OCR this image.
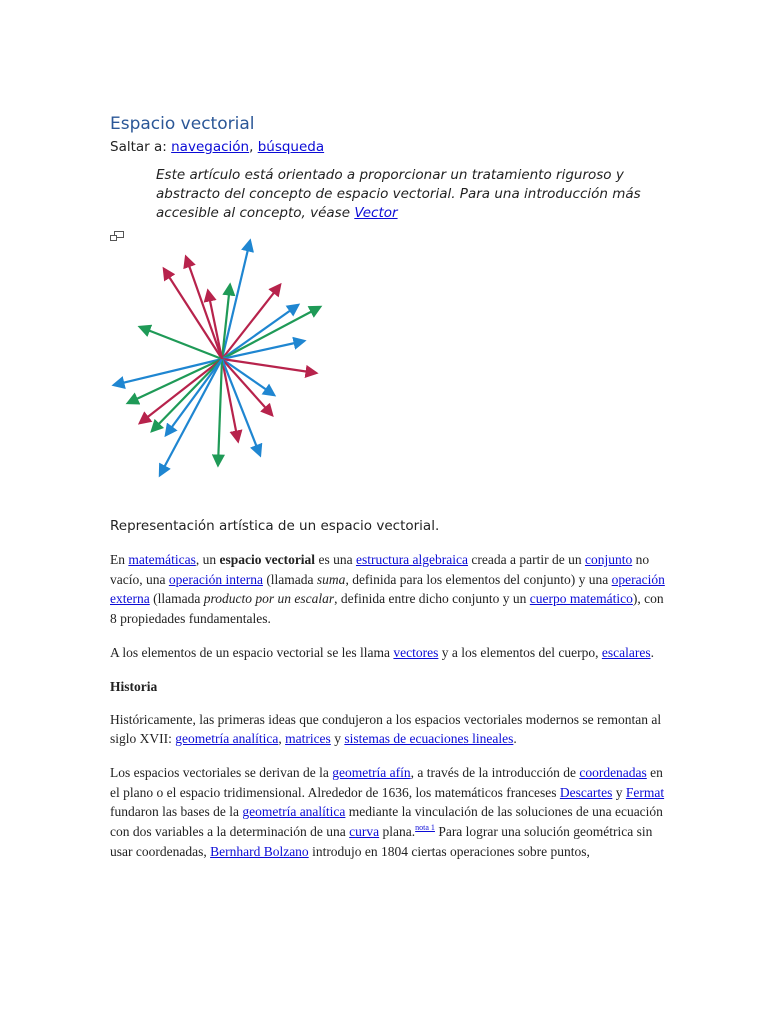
Espacio vectorial
Saltar a: navegación, búsqueda
Este artículo está orientado a proporcionar un tratamiento riguroso y abstracto del concepto de espacio vectorial. Para una introducción más accesible al concepto, véase Vector
Representación artística de un espacio vectorial.

En matemáticas, un espacio vectorial es una estructura algebraica creada a partir de un conjunto no vacío, una operación interna (llamada suma, definida para los elementos del conjunto) y una operación externa (llamada producto por un escalar, definida entre dicho conjunto y un cuerpo matemático), con 8 propiedades fundamentales.

A los elementos de un espacio vectorial se les llama vectores y a los elementos del cuerpo, escalares.

Historia

Históricamente, las primeras ideas que condujeron a los espacios vectoriales modernos se remontan al siglo XVII: geometría analítica, matrices y sistemas de ecuaciones lineales.

Los espacios vectoriales se derivan de la geometría afín, a través de la introducción de coordenadas en el plano o el espacio tridimensional. Alrededor de 1636, los matemáticos franceses Descartes y Fermat fundaron las bases de la geometría analítica mediante la vinculación de las soluciones de una ecuación con dos variables a la determinación de una curva plana.$^{nota 1}$ Para lograr una solución geométrica sin usar coordenadas, Bernhard Bolzano introdujo en 1804 ciertas operaciones sobre puntos,
